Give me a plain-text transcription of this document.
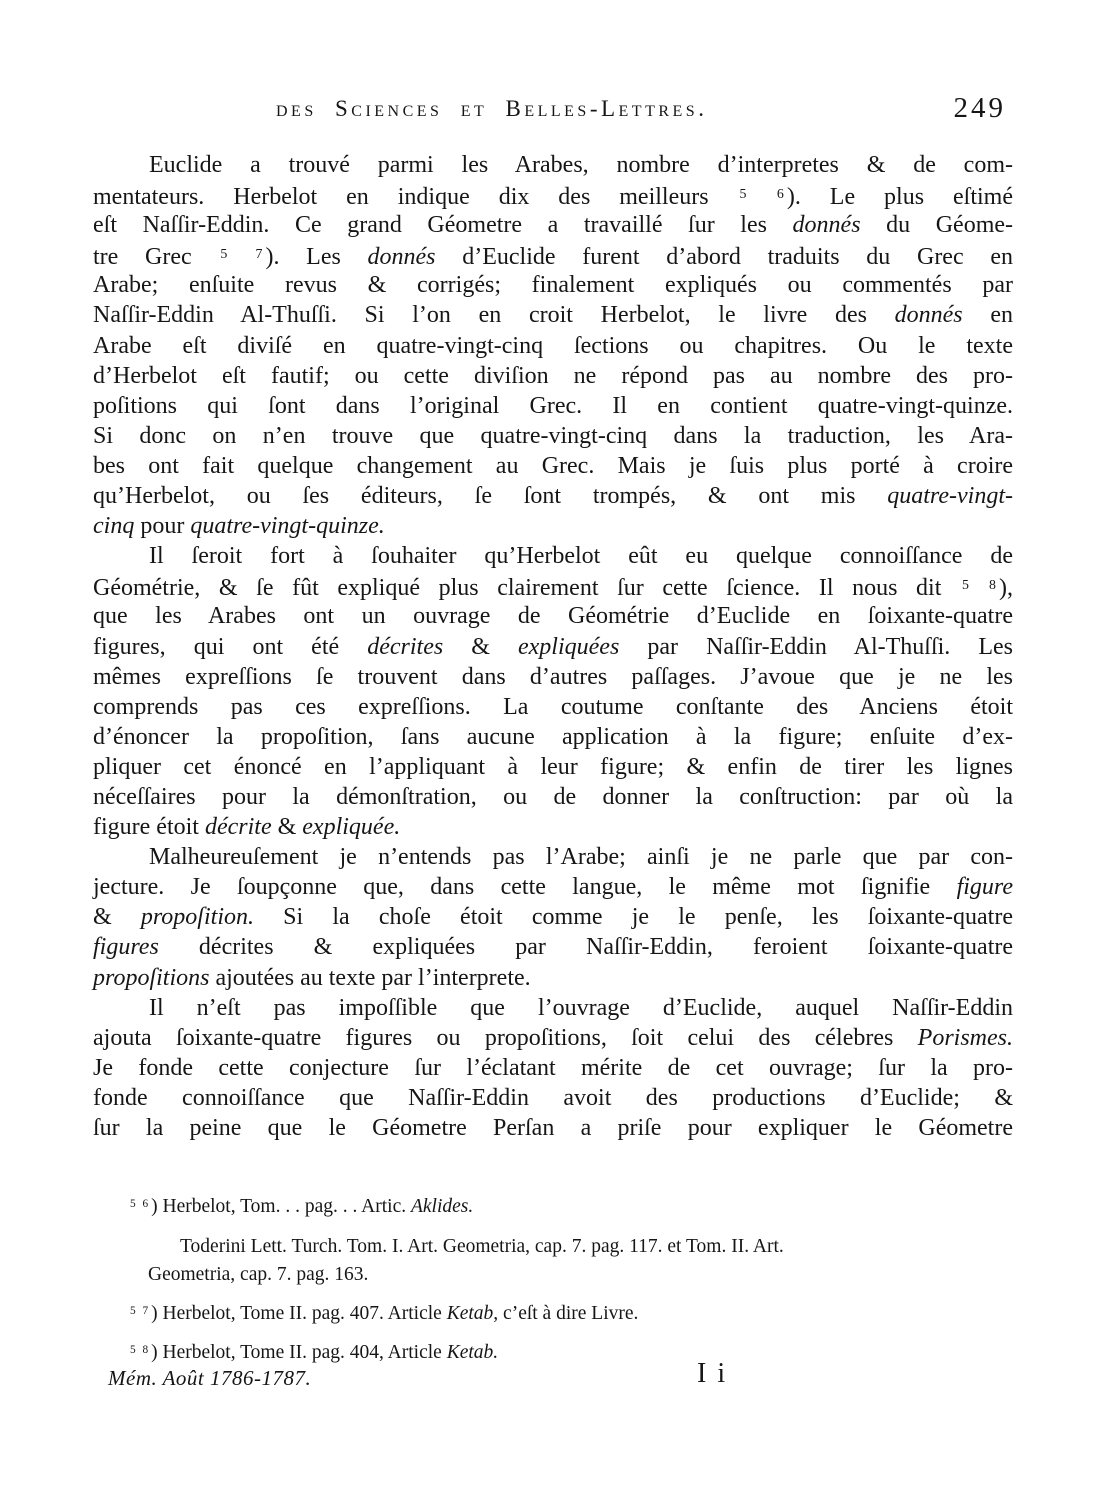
des Sciences et Belles-Lettres.	249
Euclide a trouvé parmi les Arabes, nombre d’interpretes & de com-
mentateurs. Herbelot en indique dix des meilleurs $^{5 6}$). Le plus eſtimé
eſt Naſſir-Eddin. Ce grand Géometre a travaillé ſur les donnés du Géome-
tre Grec $^{5 7}$). Les donnés d’Euclide furent d’abord traduits du Grec en
Arabe; enſuite revus & corrigés; finalement expliqués ou commentés par
Naſſir-Eddin Al-Thuſſi. Si l’on en croit Herbelot, le livre des donnés en
Arabe eſt diviſé en quatre-vingt-cinq ſections ou chapitres. Ou le texte
d’Herbelot eſt fautif; ou cette diviſion ne répond pas au nombre des pro-
poſitions qui ſont dans l’original Grec. Il en contient quatre-vingt-quinze.
Si donc on n’en trouve que quatre-vingt-cinq dans la traduction, les Ara-
bes ont fait quelque changement au Grec. Mais je ſuis plus porté à croire
qu’Herbelot, ou ſes éditeurs, ſe ſont trompés, & ont mis quatre-vingt-
cinq pour quatre-vingt-quinze.
Il ſeroit fort à ſouhaiter qu’Herbelot eût eu quelque connoiſſance de
Géométrie, & ſe fût expliqué plus clairement ſur cette ſcience. Il nous dit $^{5 8}$),
que les Arabes ont un ouvrage de Géométrie d’Euclide en ſoixante-quatre
figures, qui ont été décrites & expliquées par Naſſir-Eddin Al-Thuſſi. Les
mêmes expreſſions ſe trouvent dans d’autres paſſages. J’avoue que je ne les
comprends pas ces expreſſions. La coutume conſtante des Anciens étoit
d’énoncer la propoſition, ſans aucune application à la figure; enſuite d’ex-
pliquer cet énoncé en l’appliquant à leur figure; & enfin de tirer les lignes
néceſſaires pour la démonſtration, ou de donner la conſtruction: par où la
figure étoit décrite & expliquée.
Malheureuſement je n’entends pas l’Arabe; ainſi je ne parle que par con-
jecture. Je ſoupçonne que, dans cette langue, le même mot ſignifie figure
& propoſition. Si la choſe étoit comme je le penſe, les ſoixante-quatre
figures décrites & expliquées par Naſſir-Eddin, feroient ſoixante-quatre
propoſitions ajoutées au texte par l’interprete.
Il n’eſt pas impoſſible que l’ouvrage d’Euclide, auquel Naſſir-Eddin
ajouta ſoixante-quatre figures ou propoſitions, ſoit celui des célebres Porismes.
Je fonde cette conjecture ſur l’éclatant mérite de cet ouvrage; ſur la pro-
fonde connoiſſance que Naſſir-Eddin avoit des productions d’Euclide; &
ſur la peine que le Géometre Perſan a priſe pour expliquer le Géometre
$^{5 6}$) Herbelot, Tom. . . pag. . . Artic. Aklides.
Toderini Lett. Turch. Tom. I. Art. Geometria, cap. 7. pag. 117. et Tom. II. Art.
Geometria, cap. 7. pag. 163.
$^{5 7}$) Herbelot, Tome II. pag. 407. Article Ketab, c’eſt à dire Livre.
$^{5 8}$) Herbelot, Tome II. pag. 404, Article Ketab.
Mém. Août 1786-1787.	I i
